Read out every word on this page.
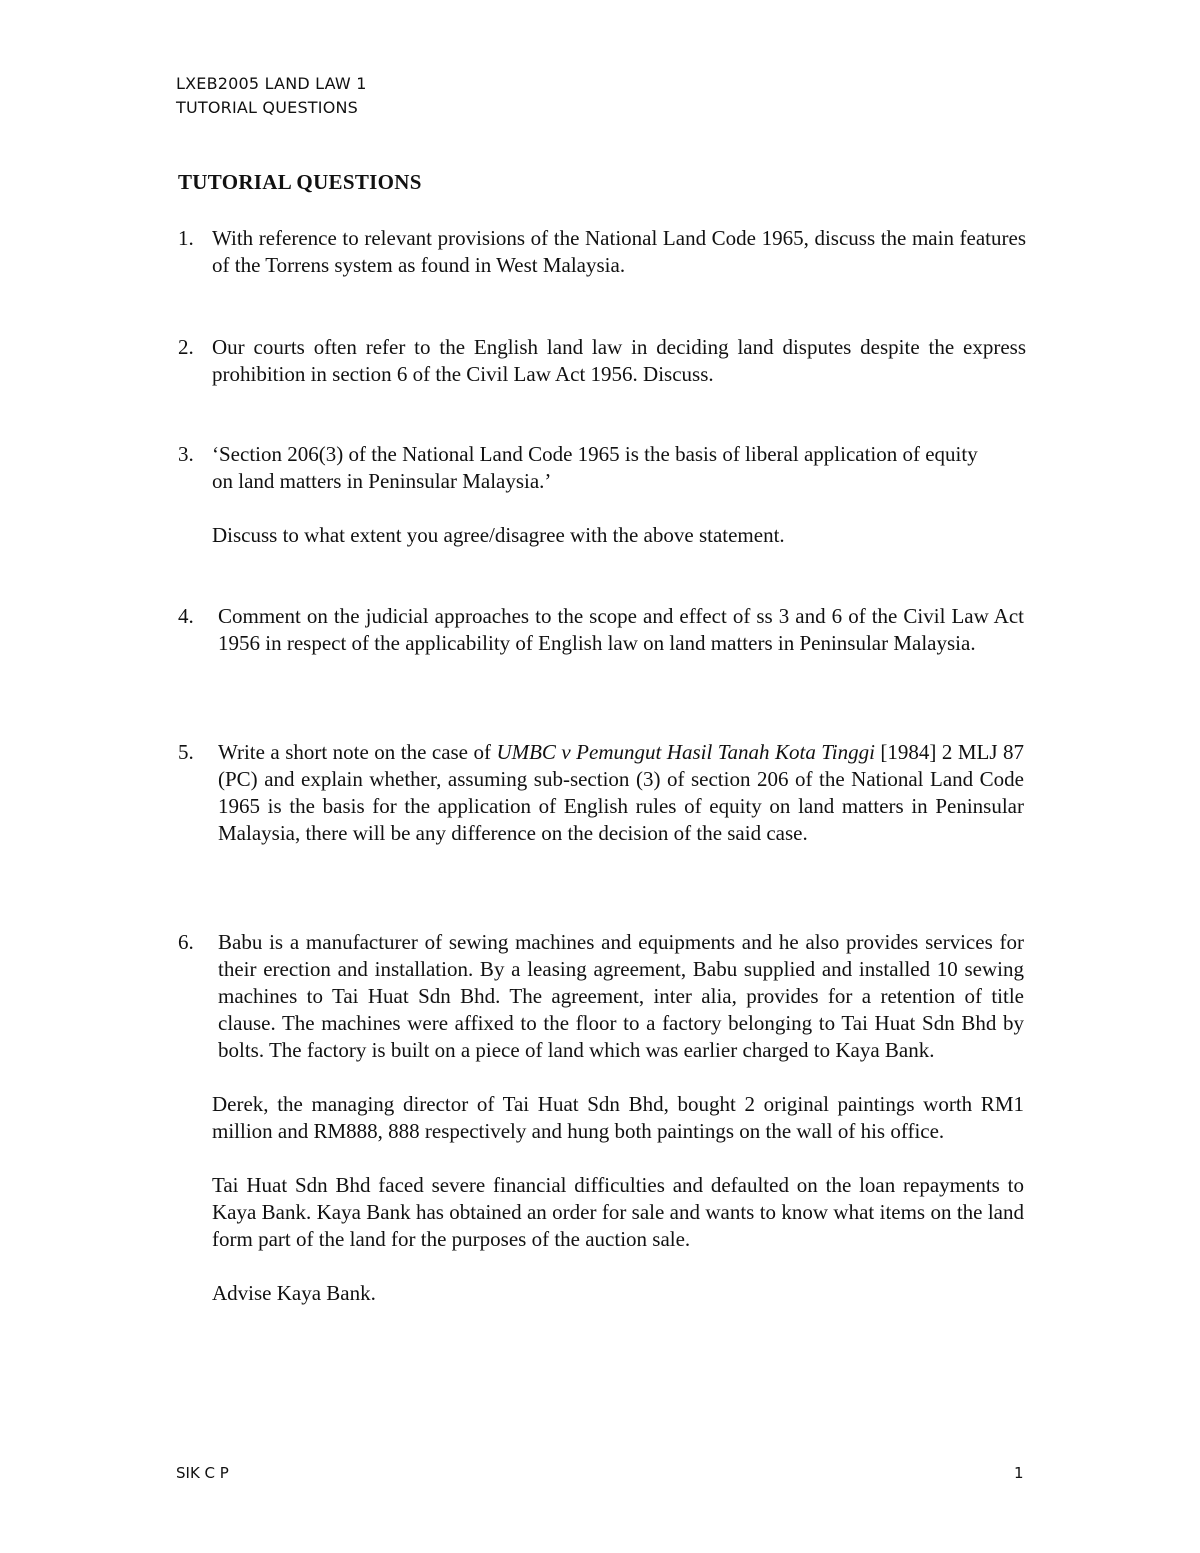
LXEB2005 LAND LAW 1
TUTORIAL QUESTIONS
TUTORIAL QUESTIONS
1. With reference to relevant provisions of the National Land Code 1965, discuss the main features of the Torrens system as found in West Malaysia.
2. Our courts often refer to the English land law in deciding land disputes despite the express prohibition in section 6 of the Civil Law Act 1956. Discuss.
3. ‘Section 206(3) of the National Land Code 1965 is the basis of liberal application of equity on land matters in Peninsular Malaysia.’
Discuss to what extent you agree/disagree with the above statement.
4. Comment on the judicial approaches to the scope and effect of ss 3 and 6 of the Civil Law Act 1956 in respect of the applicability of English law on land matters in Peninsular Malaysia.
5. Write a short note on the case of UMBC v Pemungut Hasil Tanah Kota Tinggi [1984] 2 MLJ 87 (PC) and explain whether, assuming sub-section (3) of section 206 of the National Land Code 1965 is the basis for the application of English rules of equity on land matters in Peninsular Malaysia, there will be any difference on the decision of the said case.
6. Babu is a manufacturer of sewing machines and equipments and he also provides services for their erection and installation. By a leasing agreement, Babu supplied and installed 10 sewing machines to Tai Huat Sdn Bhd. The agreement, inter alia, provides for a retention of title clause. The machines were affixed to the floor to a factory belonging to Tai Huat Sdn Bhd by bolts. The factory is built on a piece of land which was earlier charged to Kaya Bank.
Derek, the managing director of Tai Huat Sdn Bhd, bought 2 original paintings worth RM1 million and RM888, 888 respectively and hung both paintings on the wall of his office.
Tai Huat Sdn Bhd faced severe financial difficulties and defaulted on the loan repayments to Kaya Bank. Kaya Bank has obtained an order for sale and wants to know what items on the land form part of the land for the purposes of the auction sale.
Advise Kaya Bank.
SIK C P	1
